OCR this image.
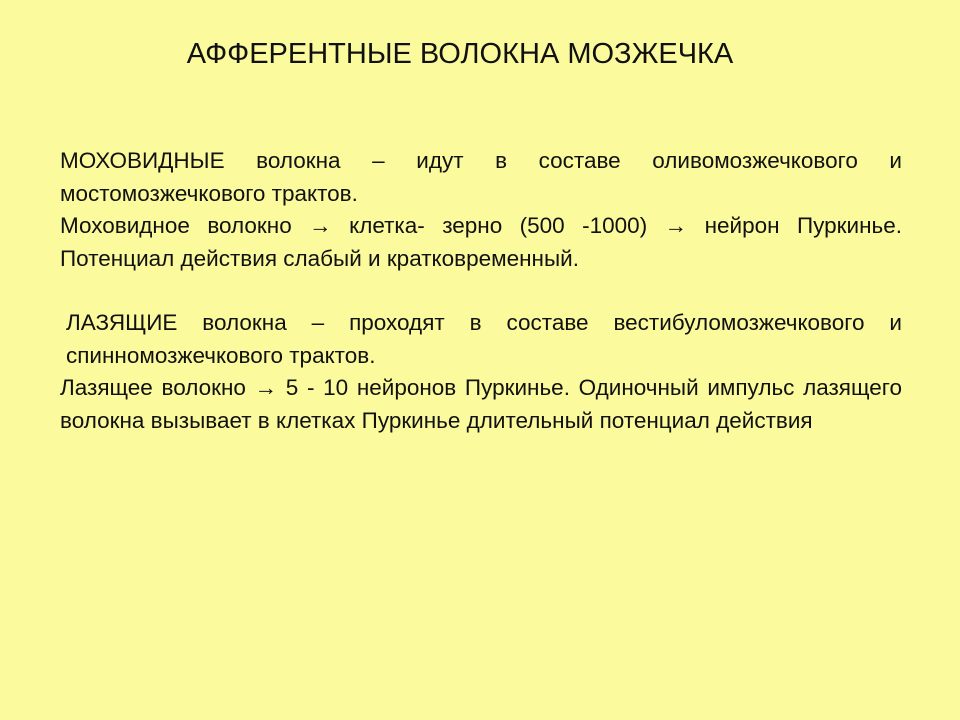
АФФЕРЕНТНЫЕ ВОЛОКНА МОЗЖЕЧКА

МОХОВИДНЫЕ волокна – идут в составе оливомозжечкового и мостомозжечкового трактов.

Моховидное волокно → клетка- зерно (500 -1000) → нейрон Пуркинье. Потенциал действия слабый и кратковременный.

ЛАЗЯЩИЕ волокна – проходят в составе вестибуломозжечкового и спинномозжечкового трактов.

Лазящее волокно → 5 - 10 нейронов Пуркинье. Одиночный импульс лазящего волокна вызывает в клетках Пуркинье длительный потенциал действия
